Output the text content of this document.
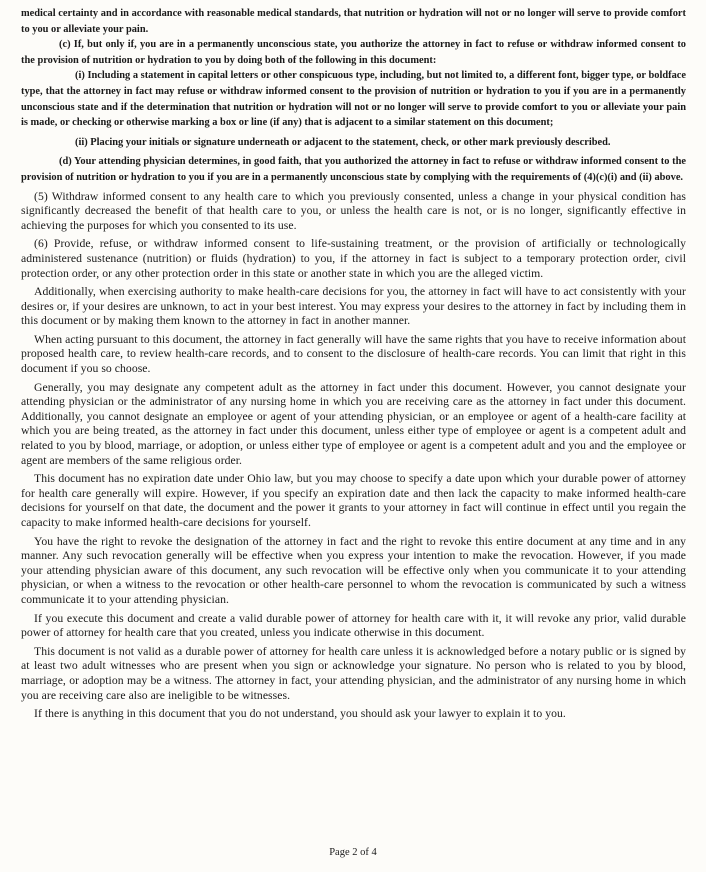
medical certainty and in accordance with reasonable medical standards, that nutrition or hydration will not or no longer will serve to provide comfort to you or alleviate your pain.

(c) If, but only if, you are in a permanently unconscious state, you authorize the attorney in fact to refuse or withdraw informed consent to the provision of nutrition or hydration to you by doing both of the following in this document:

(i) Including a statement in capital letters or other conspicuous type, including, but not limited to, a different font, bigger type, or boldface type, that the attorney in fact may refuse or withdraw informed consent to the provision of nutrition or hydration to you if you are in a permanently unconscious state and if the determination that nutrition or hydration will not or no longer will serve to provide comfort to you or alleviate your pain is made, or checking or otherwise marking a box or line (if any) that is adjacent to a similar statement on this document;

(ii) Placing your initials or signature underneath or adjacent to the statement, check, or other mark previously described.

(d) Your attending physician determines, in good faith, that you authorized the attorney in fact to refuse or withdraw informed consent to the provision of nutrition or hydration to you if you are in a permanently unconscious state by complying with the requirements of (4)(c)(i) and (ii) above.

(5) Withdraw informed consent to any health care to which you previously consented, unless a change in your physical condition has significantly decreased the benefit of that health care to you, or unless the health care is not, or is no longer, significantly effective in achieving the purposes for which you consented to its use.

(6) Provide, refuse, or withdraw informed consent to life-sustaining treatment, or the provision of artificially or technologically administered sustenance (nutrition) or fluids (hydration) to you, if the attorney in fact is subject to a temporary protection order, civil protection order, or any other protection order in this state or another state in which you are the alleged victim.

Additionally, when exercising authority to make health-care decisions for you, the attorney in fact will have to act consistently with your desires or, if your desires are unknown, to act in your best interest. You may express your desires to the attorney in fact by including them in this document or by making them known to the attorney in fact in another manner.

When acting pursuant to this document, the attorney in fact generally will have the same rights that you have to receive information about proposed health care, to review health-care records, and to consent to the disclosure of health-care records. You can limit that right in this document if you so choose.

Generally, you may designate any competent adult as the attorney in fact under this document. However, you cannot designate your attending physician or the administrator of any nursing home in which you are receiving care as the attorney in fact under this document. Additionally, you cannot designate an employee or agent of your attending physician, or an employee or agent of a health-care facility at which you are being treated, as the attorney in fact under this document, unless either type of employee or agent is a competent adult and related to you by blood, marriage, or adoption, or unless either type of employee or agent is a competent adult and you and the employee or agent are members of the same religious order.

This document has no expiration date under Ohio law, but you may choose to specify a date upon which your durable power of attorney for health care generally will expire. However, if you specify an expiration date and then lack the capacity to make informed health-care decisions for yourself on that date, the document and the power it grants to your attorney in fact will continue in effect until you regain the capacity to make informed health-care decisions for yourself.

You have the right to revoke the designation of the attorney in fact and the right to revoke this entire document at any time and in any manner. Any such revocation generally will be effective when you express your intention to make the revocation. However, if you made your attending physician aware of this document, any such revocation will be effective only when you communicate it to your attending physician, or when a witness to the revocation or other health-care personnel to whom the revocation is communicated by such a witness communicate it to your attending physician.

If you execute this document and create a valid durable power of attorney for health care with it, it will revoke any prior, valid durable power of attorney for health care that you created, unless you indicate otherwise in this document.

This document is not valid as a durable power of attorney for health care unless it is acknowledged before a notary public or is signed by at least two adult witnesses who are present when you sign or acknowledge your signature. No person who is related to you by blood, marriage, or adoption may be a witness. The attorney in fact, your attending physician, and the administrator of any nursing home in which you are receiving care also are ineligible to be witnesses.

If there is anything in this document that you do not understand, you should ask your lawyer to explain it to you.

Page 2 of 4
